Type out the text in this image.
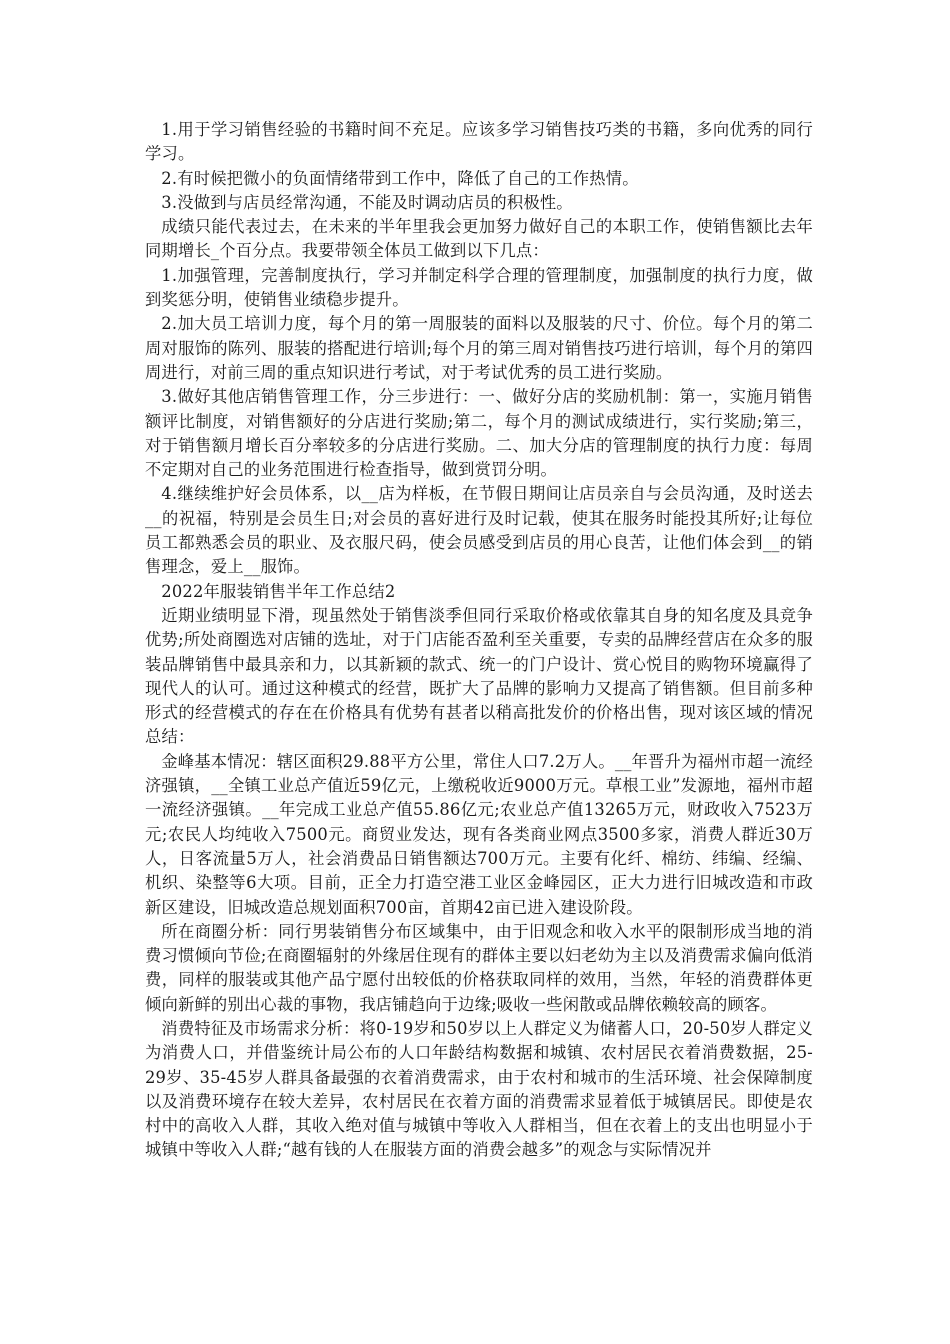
1.用于学习销售经验的书籍时间不充足。应该多学习销售技巧类的书籍，多向优秀的同行学习。

2.有时候把微小的负面情绪带到工作中，降低了自己的工作热情。

3.没做到与店员经常沟通，不能及时调动店员的积极性。

成绩只能代表过去，在未来的半年里我会更加努力做好自己的本职工作，使销售额比去年同期增长_个百分点。我要带领全体员工做到以下几点：

1.加强管理，完善制度执行，学习并制定科学合理的管理制度，加强制度的执行力度，做到奖惩分明，使销售业绩稳步提升。

2.加大员工培训力度，每个月的第一周服装的面料以及服装的尺寸、价位。每个月的第二周对服饰的陈列、服装的搭配进行培训;每个月的第三周对销售技巧进行培训，每个月的第四周进行，对前三周的重点知识进行考试，对于考试优秀的员工进行奖励。

3.做好其他店销售管理工作，分三步进行：一、做好分店的奖励机制：第一，实施月销售额评比制度，对销售额好的分店进行奖励;第二，每个月的测试成绩进行，实行奖励;第三，对于销售额月增长百分率较多的分店进行奖励。二、加大分店的管理制度的执行力度：每周不定期对自己的业务范围进行检查指导，做到赏罚分明。

4.继续维护好会员体系，以__店为样板，在节假日期间让店员亲自与会员沟通，及时送去__的祝福，特别是会员生日;对会员的喜好进行及时记载，使其在服务时能投其所好;让每位员工都熟悉会员的职业、及衣服尺码，使会员感受到店员的用心良苦，让他们体会到__的销售理念，爱上__服饰。

2022年服装销售半年工作总结2

近期业绩明显下滑，现虽然处于销售淡季但同行采取价格或依靠其自身的知名度及具竞争优势;所处商圈选对店铺的选址，对于门店能否盈利至关重要，专卖的品牌经营店在众多的服装品牌销售中最具亲和力，以其新颖的款式、统一的门户设计、赏心悦目的购物环境赢得了现代人的认可。通过这种模式的经营，既扩大了品牌的影响力又提高了销售额。但目前多种形式的经营模式的存在在价格具有优势有甚者以稍高批发价的价格出售，现对该区域的情况总结：

金峰基本情况：辖区面积29.88平方公里，常住人口7.2万人。__年晋升为福州市超一流经济强镇，__全镇工业总产值近59亿元，上缴税收近9000万元。草根工业”发源地，福州市超一流经济强镇。__年完成工业总产值55.86亿元;农业总产值13265万元，财政收入7523万元;农民人均纯收入7500元。商贸业发达，现有各类商业网点3500多家，消费人群近30万人，日客流量5万人，社会消费品日销售额达700万元。主要有化纤、棉纺、纬编、经编、机织、染整等6大项。目前，正全力打造空港工业区金峰园区，正大力进行旧城改造和市政新区建设，旧城改造总规划面积700亩，首期42亩已进入建设阶段。

所在商圈分析：同行男装销售分布区域集中，由于旧观念和收入水平的限制形成当地的消费习惯倾向节俭;在商圈辐射的外缘居住现有的群体主要以妇老幼为主以及消费需求偏向低消费，同样的服装或其他产品宁愿付出较低的价格获取同样的效用，当然，年轻的消费群体更倾向新鲜的别出心裁的事物，我店铺趋向于边缘;吸收一些闲散或品牌依赖较高的顾客。

消费特征及市场需求分析：将0-19岁和50岁以上人群定义为储蓄人口，20-50岁人群定义为消费人口，并借鉴统计局公布的人口年龄结构数据和城镇、农村居民衣着消费数据，25-29岁、35-45岁人群具备最强的衣着消费需求，由于农村和城市的生活环境、社会保障制度以及消费环境存在较大差异，农村居民在衣着方面的消费需求显着低于城镇居民。即使是农村中的高收入人群，其收入绝对值与城镇中等收入人群相当，但在衣着上的支出也明显小于城镇中等收入人群;“越有钱的人在服装方面的消费会越多”的观念与实际情况并
